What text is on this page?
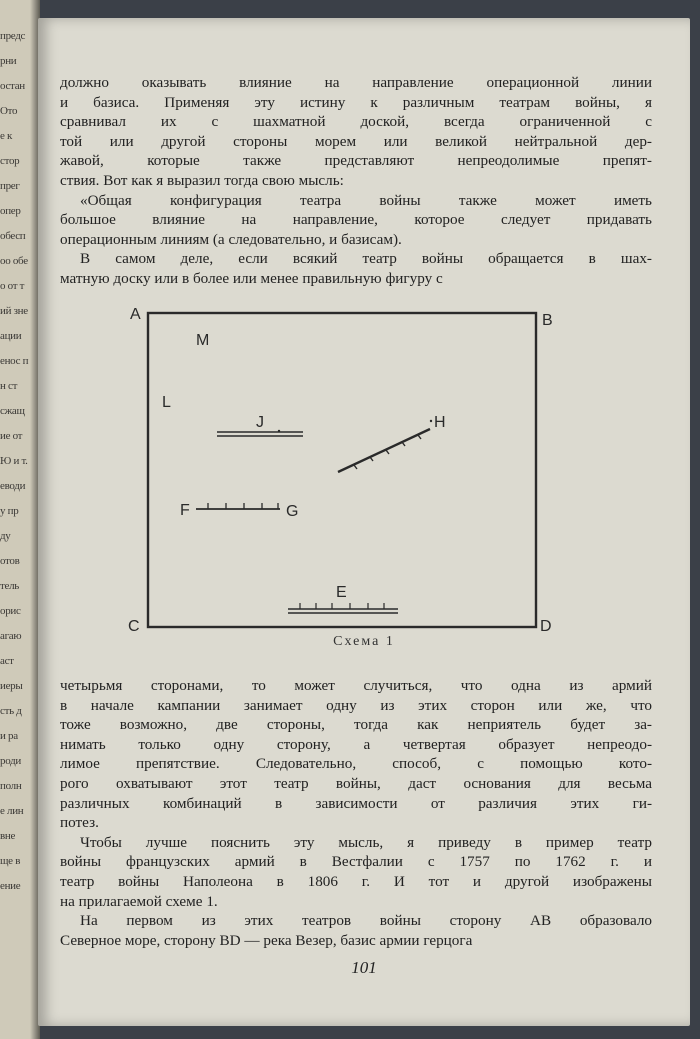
предс
рни
остан
Ото
е к
стор
прег
опер
обесп
оо обе
о от т
ий зне
ации
енос п
н ст
сжащ
ие от
Ю и т.
еводи
у пр
ду
отов
тель
орис
агаю
аст
иеры
сть д
и ра
роди
полн
е лин
вне
ще в
ение

должно оказывать влияние на направление операционной линии
и базиса. Применяя эту истину к различным театрам войны, я
сравнивал их с шахматной доской, всегда ограниченной с
той или другой стороны морем или великой нейтральной дер-
жавой, которые также представляют непреодолимые препят-
ствия. Вот как я выразил тогда свою мысль:

«Общая конфигурация театра войны также может иметь
большое влияние на направление, которое следует придавать
операционным линиям (а следовательно, и базисам).

В самом деле, если всякий театр войны обращается в шах-
матную доску или в более или менее правильную фигуру с

A	B
C	D
M
L
J	H
F	G
E
Схема 1

четырьмя сторонами, то может случиться, что одна из армий
в начале кампании занимает одну из этих сторон или же, что
тоже возможно, две стороны, тогда как неприятель будет за-
нимать только одну сторону, а четвертая образует непреодо-
лимое препятствие. Следовательно, способ, с помощью кото-
рого охватывают этот театр войны, даст основания для весьма
различных комбинаций в зависимости от различия этих ги-
потез.

Чтобы лучше пояснить эту мысль, я приведу в пример театр
войны французских армий в Вестфалии с 1757 по 1762 г. и
театр войны Наполеона в 1806 г. И тот и другой изображены
на прилагаемой схеме 1.

На первом из этих театров войны сторону AB образовало
Северное море, сторону BD — река Везер, базис армии герцога

101
